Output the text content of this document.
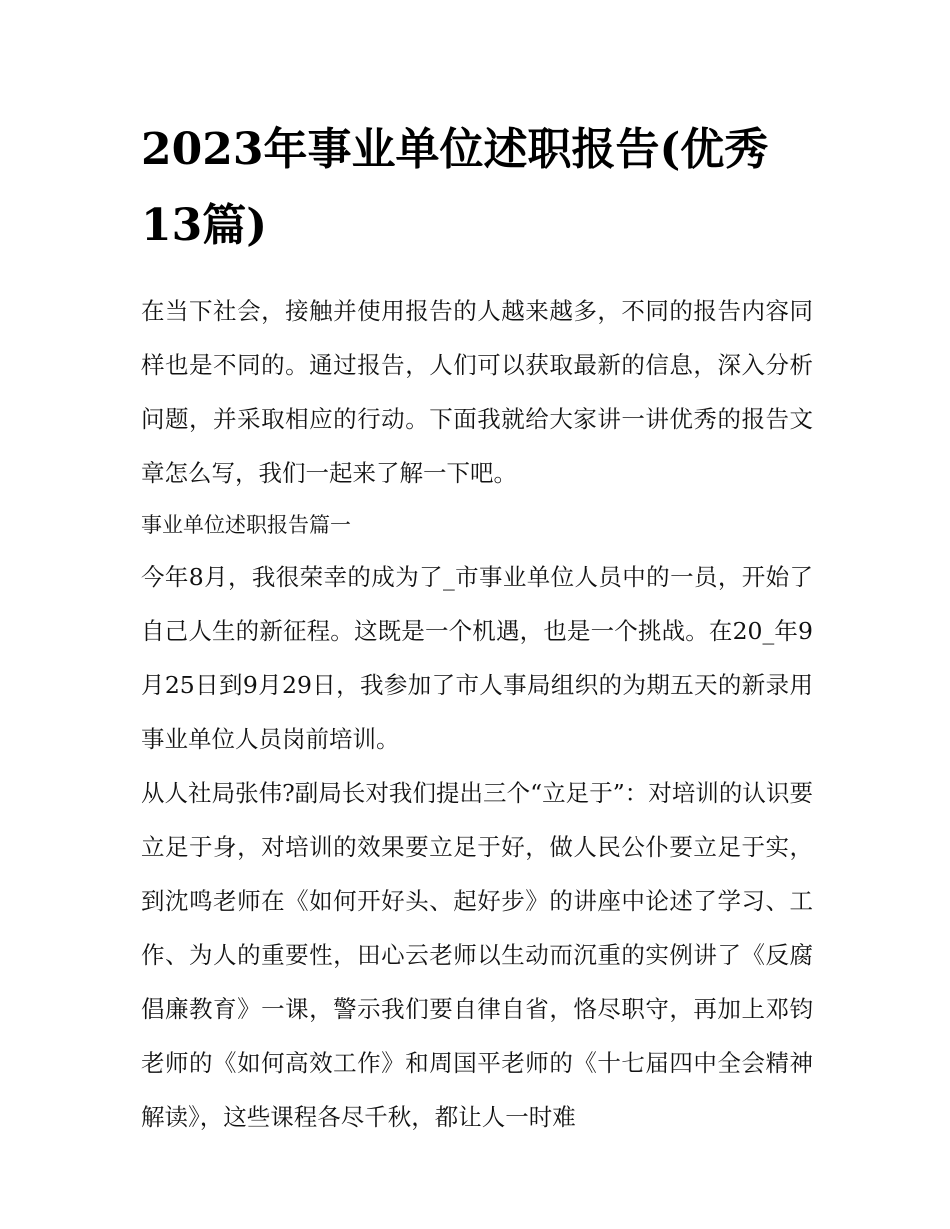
2023年事业单位述职报告(优秀13篇)

在当下社会，接触并使用报告的人越来越多，不同的报告内容同样也是不同的。通过报告，人们可以获取最新的信息，深入分析问题，并采取相应的行动。下面我就给大家讲一讲优秀的报告文章怎么写，我们一起来了解一下吧。

事业单位述职报告篇一

今年8月，我很荣幸的成为了_市事业单位人员中的一员，开始了自己人生的新征程。这既是一个机遇，也是一个挑战。在20_年9月25日到9月29日，我参加了市人事局组织的为期五天的新录用事业单位人员岗前培训。

从人社局张伟?副局长对我们提出三个“立足于”：对培训的认识要立足于身，对培训的效果要立足于好，做人民公仆要立足于实，到沈鸣老师在《如何开好头、起好步》的讲座中论述了学习、工作、为人的重要性，田心云老师以生动而沉重的实例讲了《反腐倡廉教育》一课，警示我们要自律自省，恪尽职守，再加上邓钧老师的《如何高效工作》和周国平老师的《十七届四中全会精神解读》，这些课程各尽千秋，都让人一时难
